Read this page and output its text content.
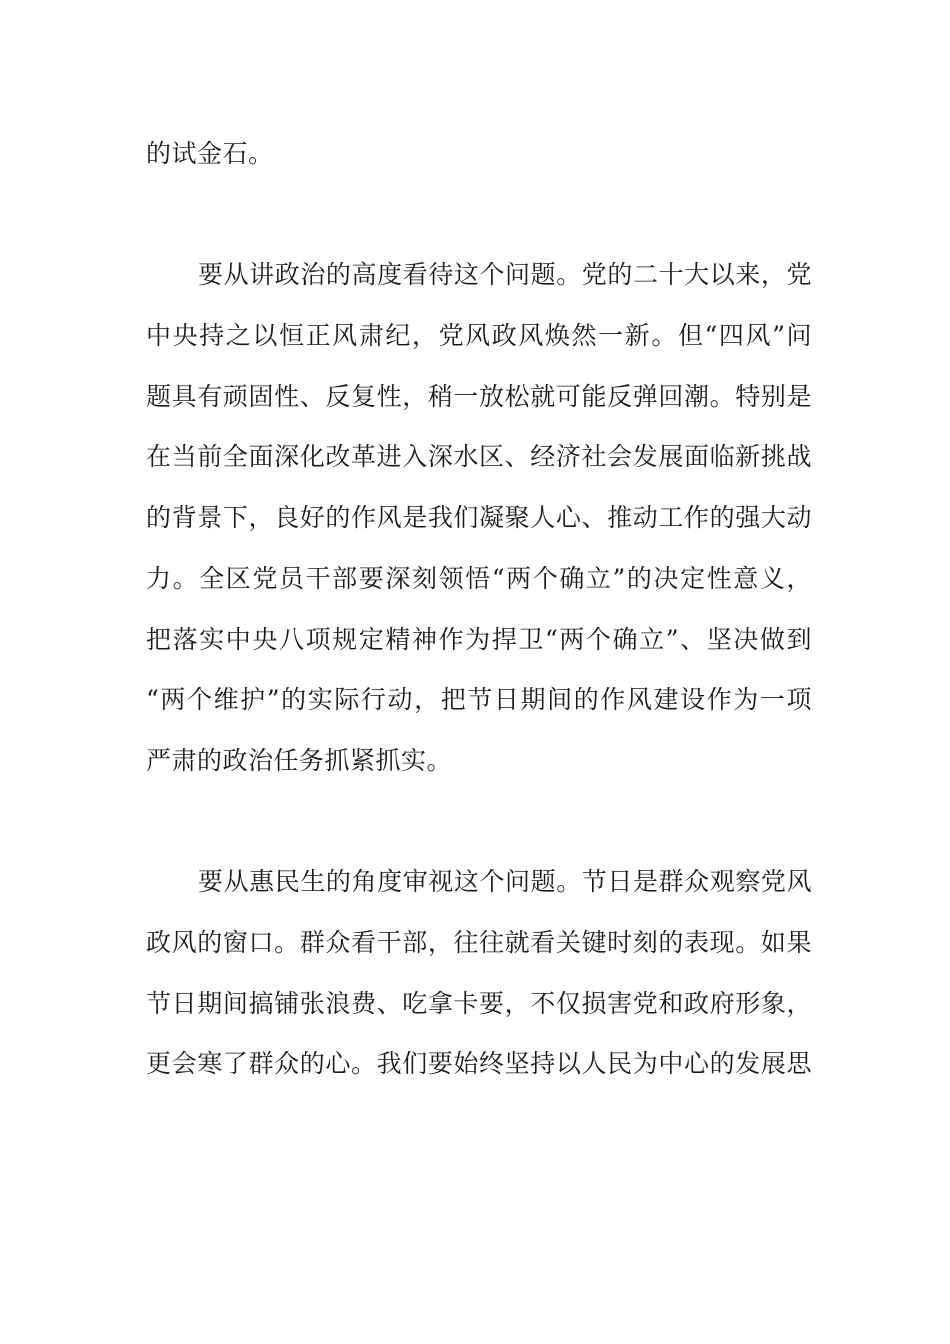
的试金石。
要从讲政治的高度看待这个问题。党的二十大以来，党
中央持之以恒正风肃纪，党风政风焕然一新。但“四风”问
题具有顽固性、反复性，稍一放松就可能反弹回潮。特别是
在当前全面深化改革进入深水区、经济社会发展面临新挑战
的背景下，良好的作风是我们凝聚人心、推动工作的强大动
力。全区党员干部要深刻领悟“两个确立”的决定性意义，
把落实中央八项规定精神作为捍卫“两个确立”、坚决做到
“两个维护”的实际行动，把节日期间的作风建设作为一项
严肃的政治任务抓紧抓实。
要从惠民生的角度审视这个问题。节日是群众观察党风
政风的窗口。群众看干部，往往就看关键时刻的表现。如果
节日期间搞铺张浪费、吃拿卡要，不仅损害党和政府形象，
更会寒了群众的心。我们要始终坚持以人民为中心的发展思
